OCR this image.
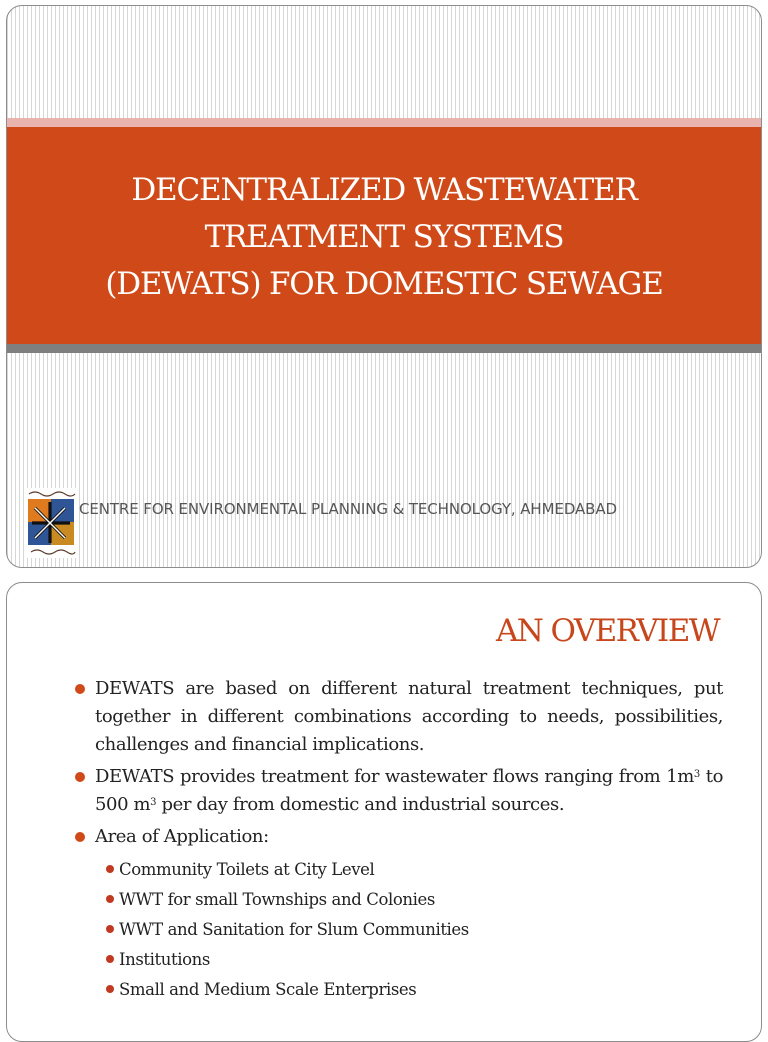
DECENTRALIZED WASTEWATER
TREATMENT SYSTEMS
(DEWATS) FOR DOMESTIC SEWAGE
CENTRE FOR ENVIRONMENTAL PLANNING & TECHNOLOGY, AHMEDABAD
AN OVERVIEW
DEWATS are based on different natural treatment techniques, put together in different combinations according to needs, possibilities, challenges and financial implications.
DEWATS provides treatment for wastewater flows ranging from $1m^3$ to 500 $m^3$ per day from domestic and industrial sources.
Area of Application:
Community Toilets at City Level
WWT for small Townships and Colonies
WWT and Sanitation for Slum Communities
Institutions
Small and Medium Scale Enterprises
